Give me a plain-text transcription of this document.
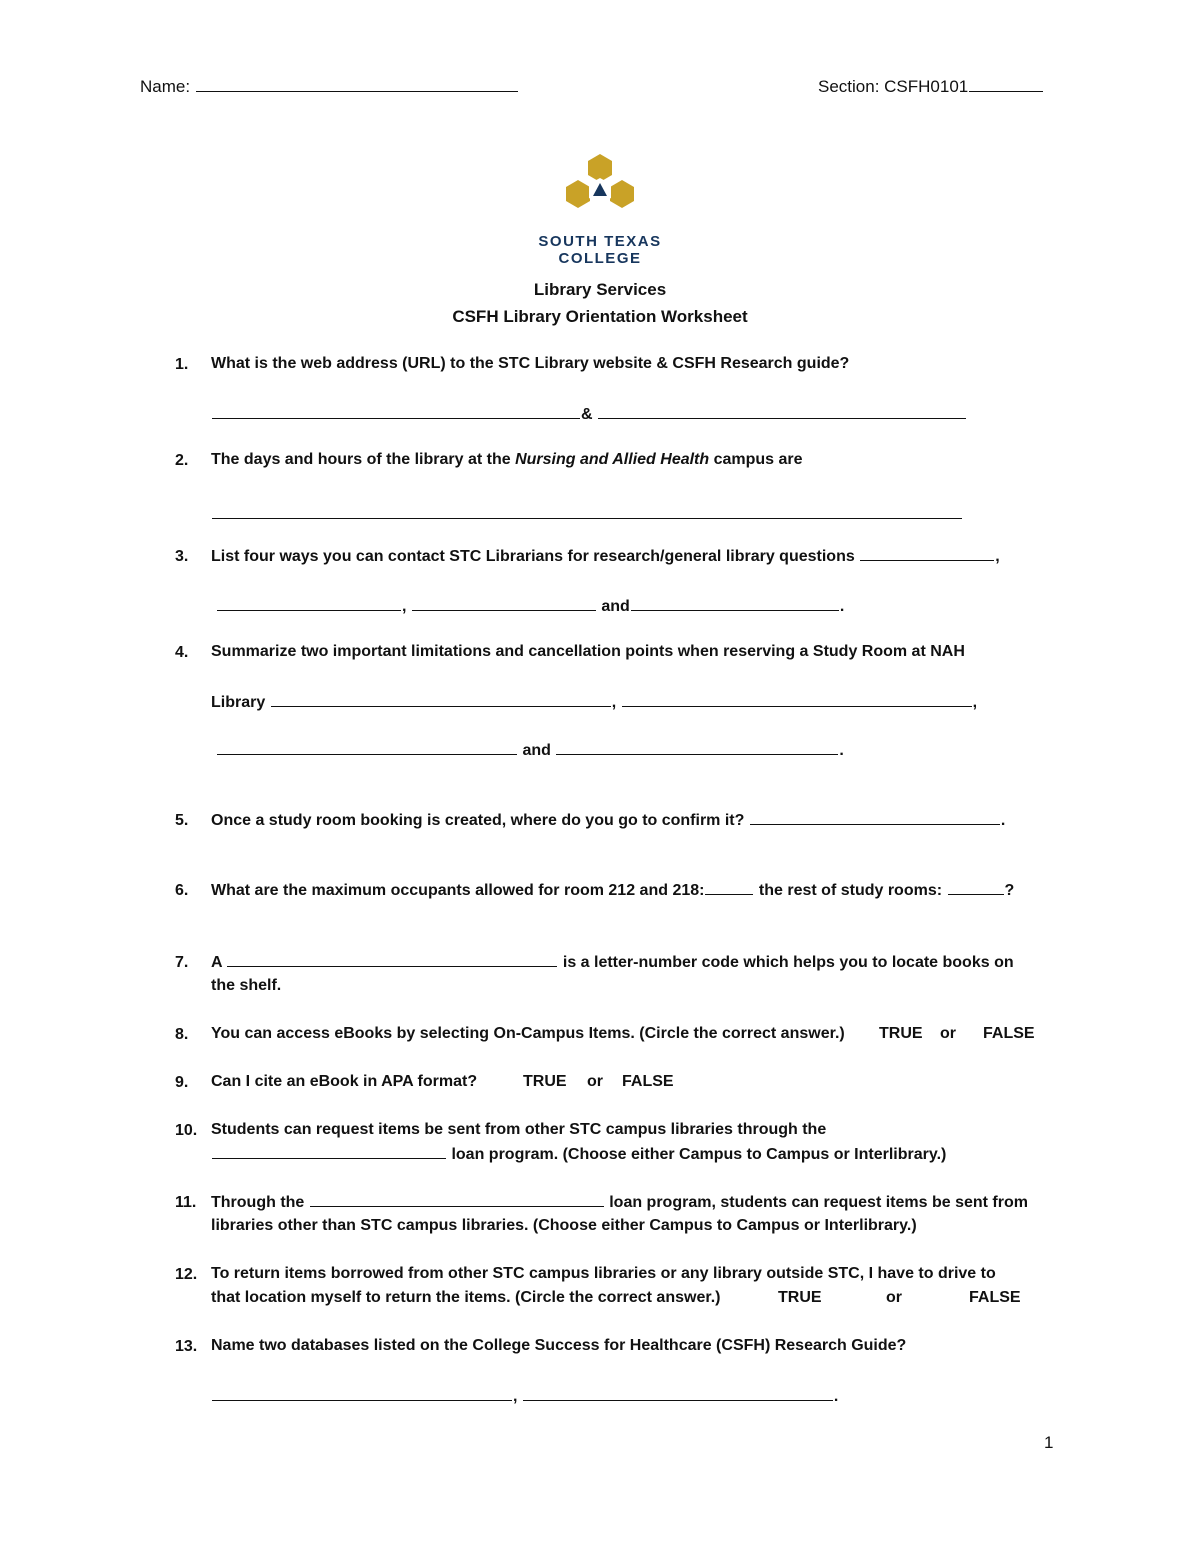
Name:	Section: CSFH0101
SOUTH TEXAS
COLLEGE
Library Services
CSFH Library Orientation Worksheet
1. What is the web address (URL) to the STC Library website & CSFH Research guide?
&
2. The days and hours of the library at the Nursing and Allied Health campus are
3. List four ways you can contact STC Librarians for research/general library questions	,
,	and	.
4. Summarize two important limitations and cancellation points when reserving a Study Room at NAH
Library	,	,
and	.
5. Once a study room booking is created, where do you go to confirm it?	.
6. What are the maximum occupants allowed for room 212 and 218:	the rest of study rooms:	?
7. A	is a letter-number code which helps you to locate books on
the shelf.
8. You can access eBooks by selecting On-Campus Items. (Circle the correct answer.) TRUE or FALSE
9. Can I cite an eBook in APA format?	TRUE or FALSE
10. Students can request items be sent from other STC campus libraries through the
loan program. (Choose either Campus to Campus or Interlibrary.)
11. Through the	loan program, students can request items be sent from
libraries other than STC campus libraries. (Choose either Campus to Campus or Interlibrary.)
12. To return items borrowed from other STC campus libraries or any library outside STC, I have to drive to
that location myself to return the items. (Circle the correct answer.)	TRUE	or	FALSE
13. Name two databases listed on the College Success for Healthcare (CSFH) Research Guide?
,	.
1
